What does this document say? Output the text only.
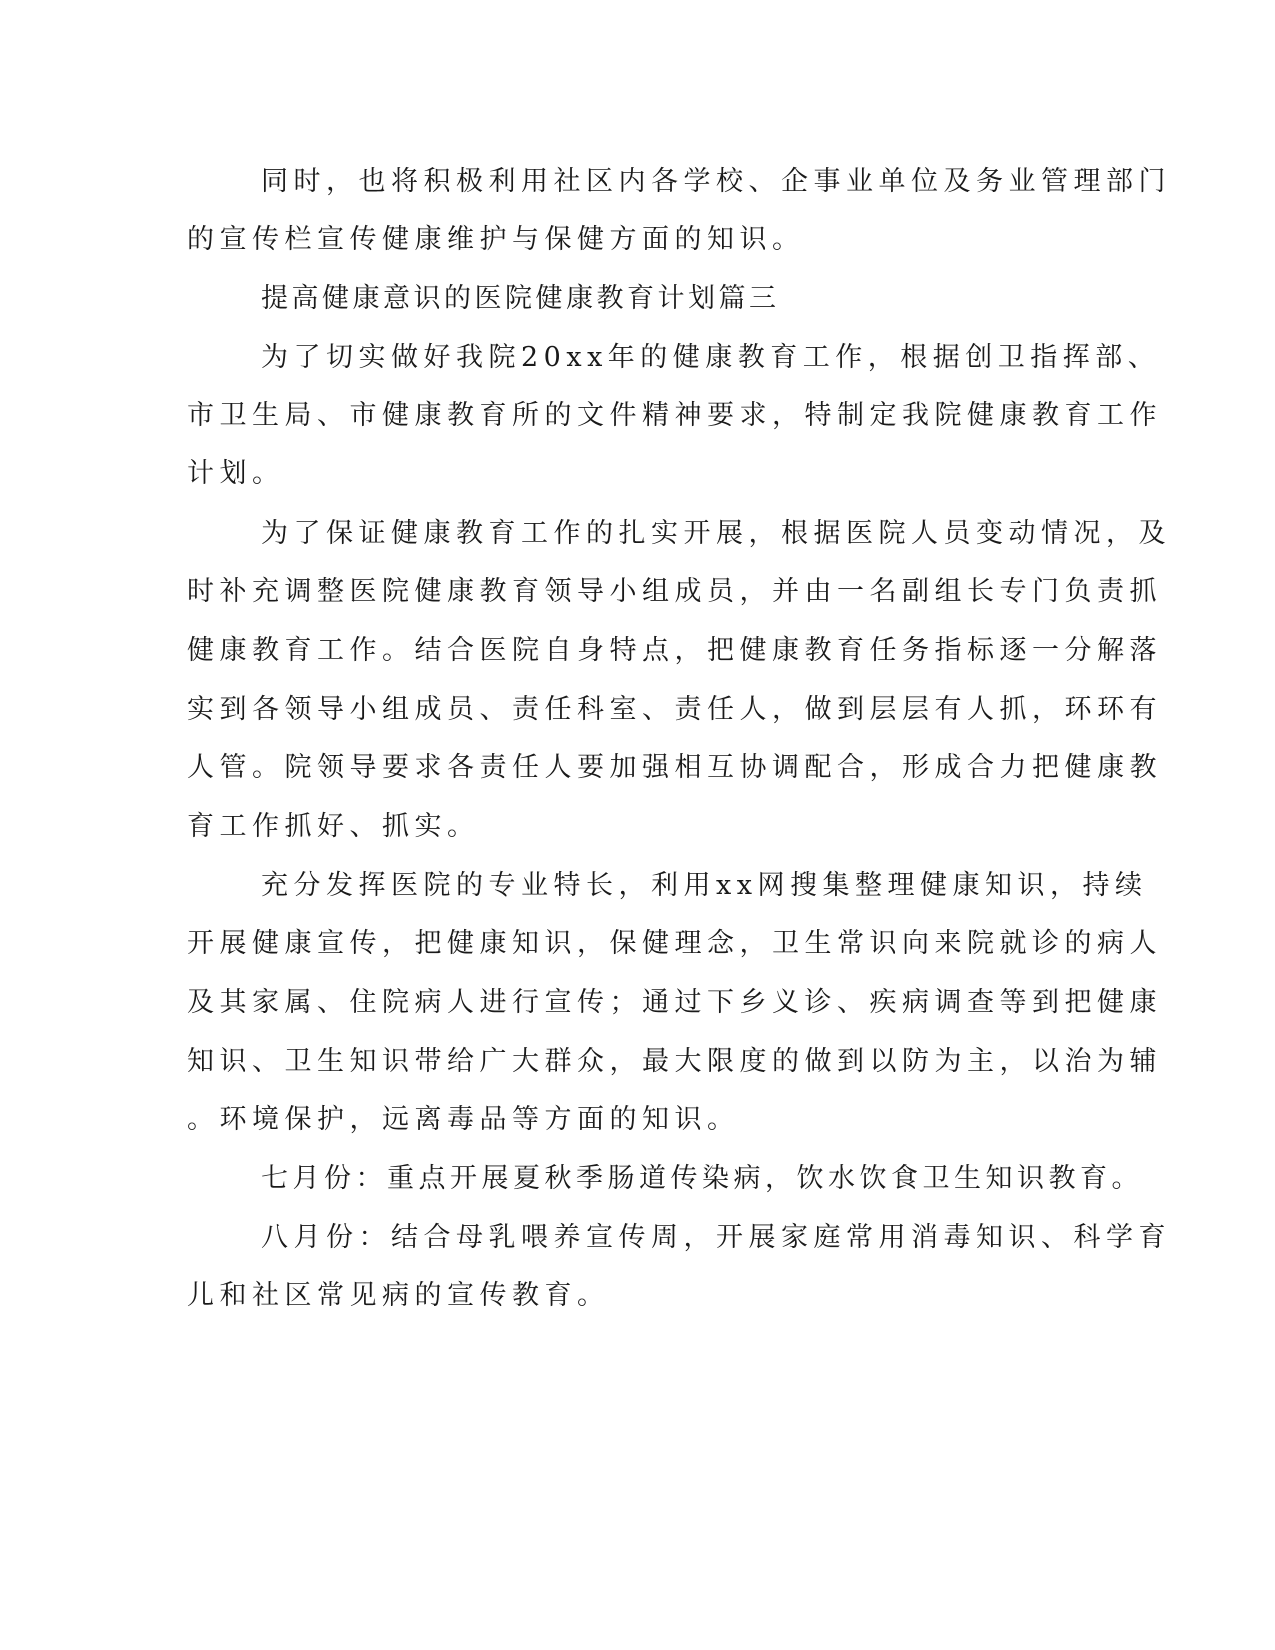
同时，也将积极利用社区内各学校、企事业单位及务业管理部门

的宣传栏宣传健康维护与保健方面的知识。

提高健康意识的医院健康教育计划篇三

为了切实做好我院20xx年的健康教育工作，根据创卫指挥部、

市卫生局、市健康教育所的文件精神要求，特制定我院健康教育工作

计划。

为了保证健康教育工作的扎实开展，根据医院人员变动情况，及

时补充调整医院健康教育领导小组成员，并由一名副组长专门负责抓

健康教育工作。结合医院自身特点，把健康教育任务指标逐一分解落

实到各领导小组成员、责任科室、责任人，做到层层有人抓，环环有

人管。院领导要求各责任人要加强相互协调配合，形成合力把健康教

育工作抓好、抓实。

充分发挥医院的专业特长，利用xx网搜集整理健康知识，持续

开展健康宣传，把健康知识，保健理念，卫生常识向来院就诊的病人

及其家属、住院病人进行宣传；通过下乡义诊、疾病调查等到把健康

知识、卫生知识带给广大群众，最大限度的做到以防为主，以治为辅

。环境保护，远离毒品等方面的知识。

七月份：重点开展夏秋季肠道传染病，饮水饮食卫生知识教育。

八月份：结合母乳喂养宣传周，开展家庭常用消毒知识、科学育

儿和社区常见病的宣传教育。
